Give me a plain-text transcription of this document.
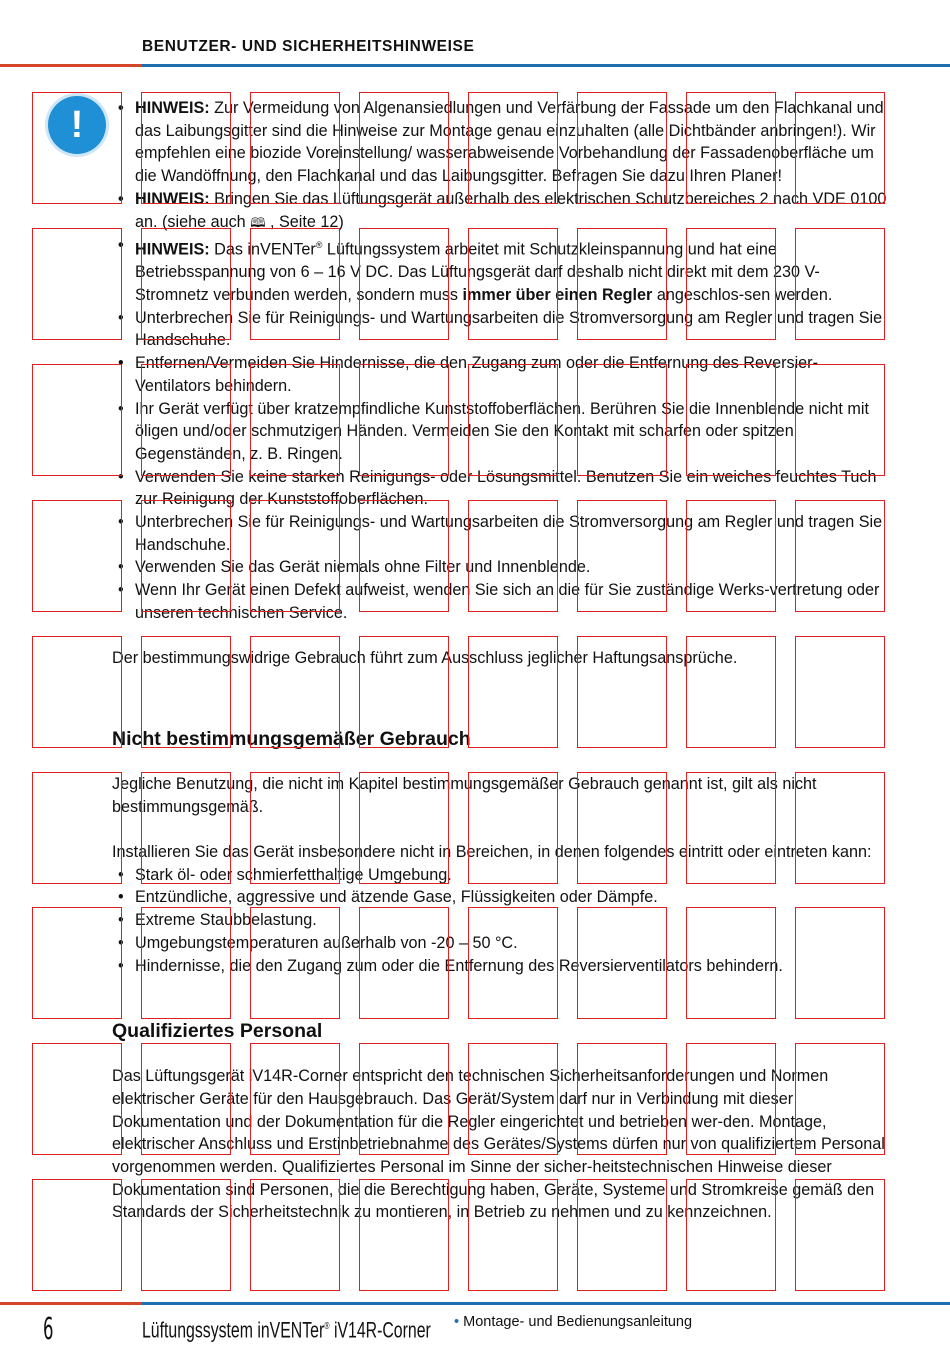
BENUTZER- UND SICHERHEITSHINWEISE
!
•	HINWEIS: Zur Vermeidung von Algenansiedlungen und Verfärbung der Fassade um den Flachkanal und das Laibungsgitter sind die Hinweise zur Montage genau einzuhalten (alle Dichtbänder anbringen!). Wir empfehlen eine biozide Voreinstellung/ wasserabweisende Vorbehandlung der Fassadenoberfläche um die Wandöffnung, den Flachkanal und das Laibungsgitter. Befragen Sie dazu Ihren Planer!
• HINWEIS: Bringen Sie das Lüftungsgerät außerhalb des elektrischen Schutzbereiches 2 nach VDE 0100 an. (siehe auch 🕮 , Seite 12)
• HINWEIS: Das inVENTer® Lüftungssystem arbeitet mit Schutzkleinspannung und hat eine Betriebsspannung von 6 – 16 V DC. Das Lüftungsgerät darf deshalb nicht direkt mit dem 230 V-Stromnetz verbunden werden, sondern muss immer über einen Regler angeschlos-sen werden.
• Unterbrechen Sie für Reinigungs- und Wartungsarbeiten die Stromversorgung am Regler und tragen Sie Handschuhe.
• Entfernen/Vermeiden Sie Hindernisse, die den Zugang zum oder die Entfernung des Reversier-Ventilators behindern.
• Ihr Gerät verfügt über kratzempfindliche Kunststoffoberflächen. Berühren Sie die Innenblende nicht mit öligen und/oder schmutzigen Händen. Vermeiden Sie den Kontakt mit scharfen oder spitzen Gegenständen, z. B. Ringen.
• Verwenden Sie keine starken Reinigungs- oder Lösungsmittel. Benutzen Sie ein weiches feuchtes Tuch zur Reinigung der Kunststoffoberflächen.
• Unterbrechen Sie für Reinigungs- und Wartungsarbeiten die Stromversorgung am Regler und tragen Sie Handschuhe.
• Verwenden Sie das Gerät niemals ohne Filter und Innenblende.
• Wenn Ihr Gerät einen Defekt aufweist, wenden Sie sich an die für Sie zuständige Werks-vertretung oder unseren technischen Service.

Der bestimmungswidrige Gebrauch führt zum Ausschluss jeglicher Haftungsansprüche.

Nicht bestimmungsgemäßer Gebrauch

Jegliche Benutzung, die nicht im Kapitel bestimmungsgemäßer Gebrauch genannt ist, gilt als nicht bestimmungsgemäß.

Installieren Sie das Gerät insbesondere nicht in Bereichen, in denen folgendes eintritt oder eintreten kann:

• Stark öl- oder schmierfetthaltige Umgebung.
• Entzündliche, aggressive und ätzende Gase, Flüssigkeiten oder Dämpfe.
• Extreme Staubbelastung.
• Umgebungstemperaturen außerhalb von -20 – 50 °C.
• Hindernisse, die den Zugang zum oder die Entfernung des Reversierventilators behindern.
Qualifiziertes Personal

Das Lüftungsgerät iV14R-Corner entspricht den technischen Sicherheitsanforderungen und Normen elektrischer Geräte für den Hausgebrauch. Das Gerät/System darf nur in Verbindung mit dieser Dokumentation und der Dokumentation für die Regler eingerichtet und betrieben wer-den. Montage, elektrischer Anschluss und Erstinbetriebnahme des Gerätes/Systems dürfen nur von qualifiziertem Personal vorgenommen werden. Qualifiziertes Personal im Sinne der sicher-heitstechnischen Hinweise dieser Dokumentation sind Personen, die die Berechtigung haben, Geräte, Systeme und Stromkreise gemäß den Standards der Sicherheitstechnik zu montieren, in Betrieb zu nehmen und zu kennzeichnen.

6	Lüftungssystem inVENTer® iV14R-Corner • Montage- und Bedienungsanleitung
